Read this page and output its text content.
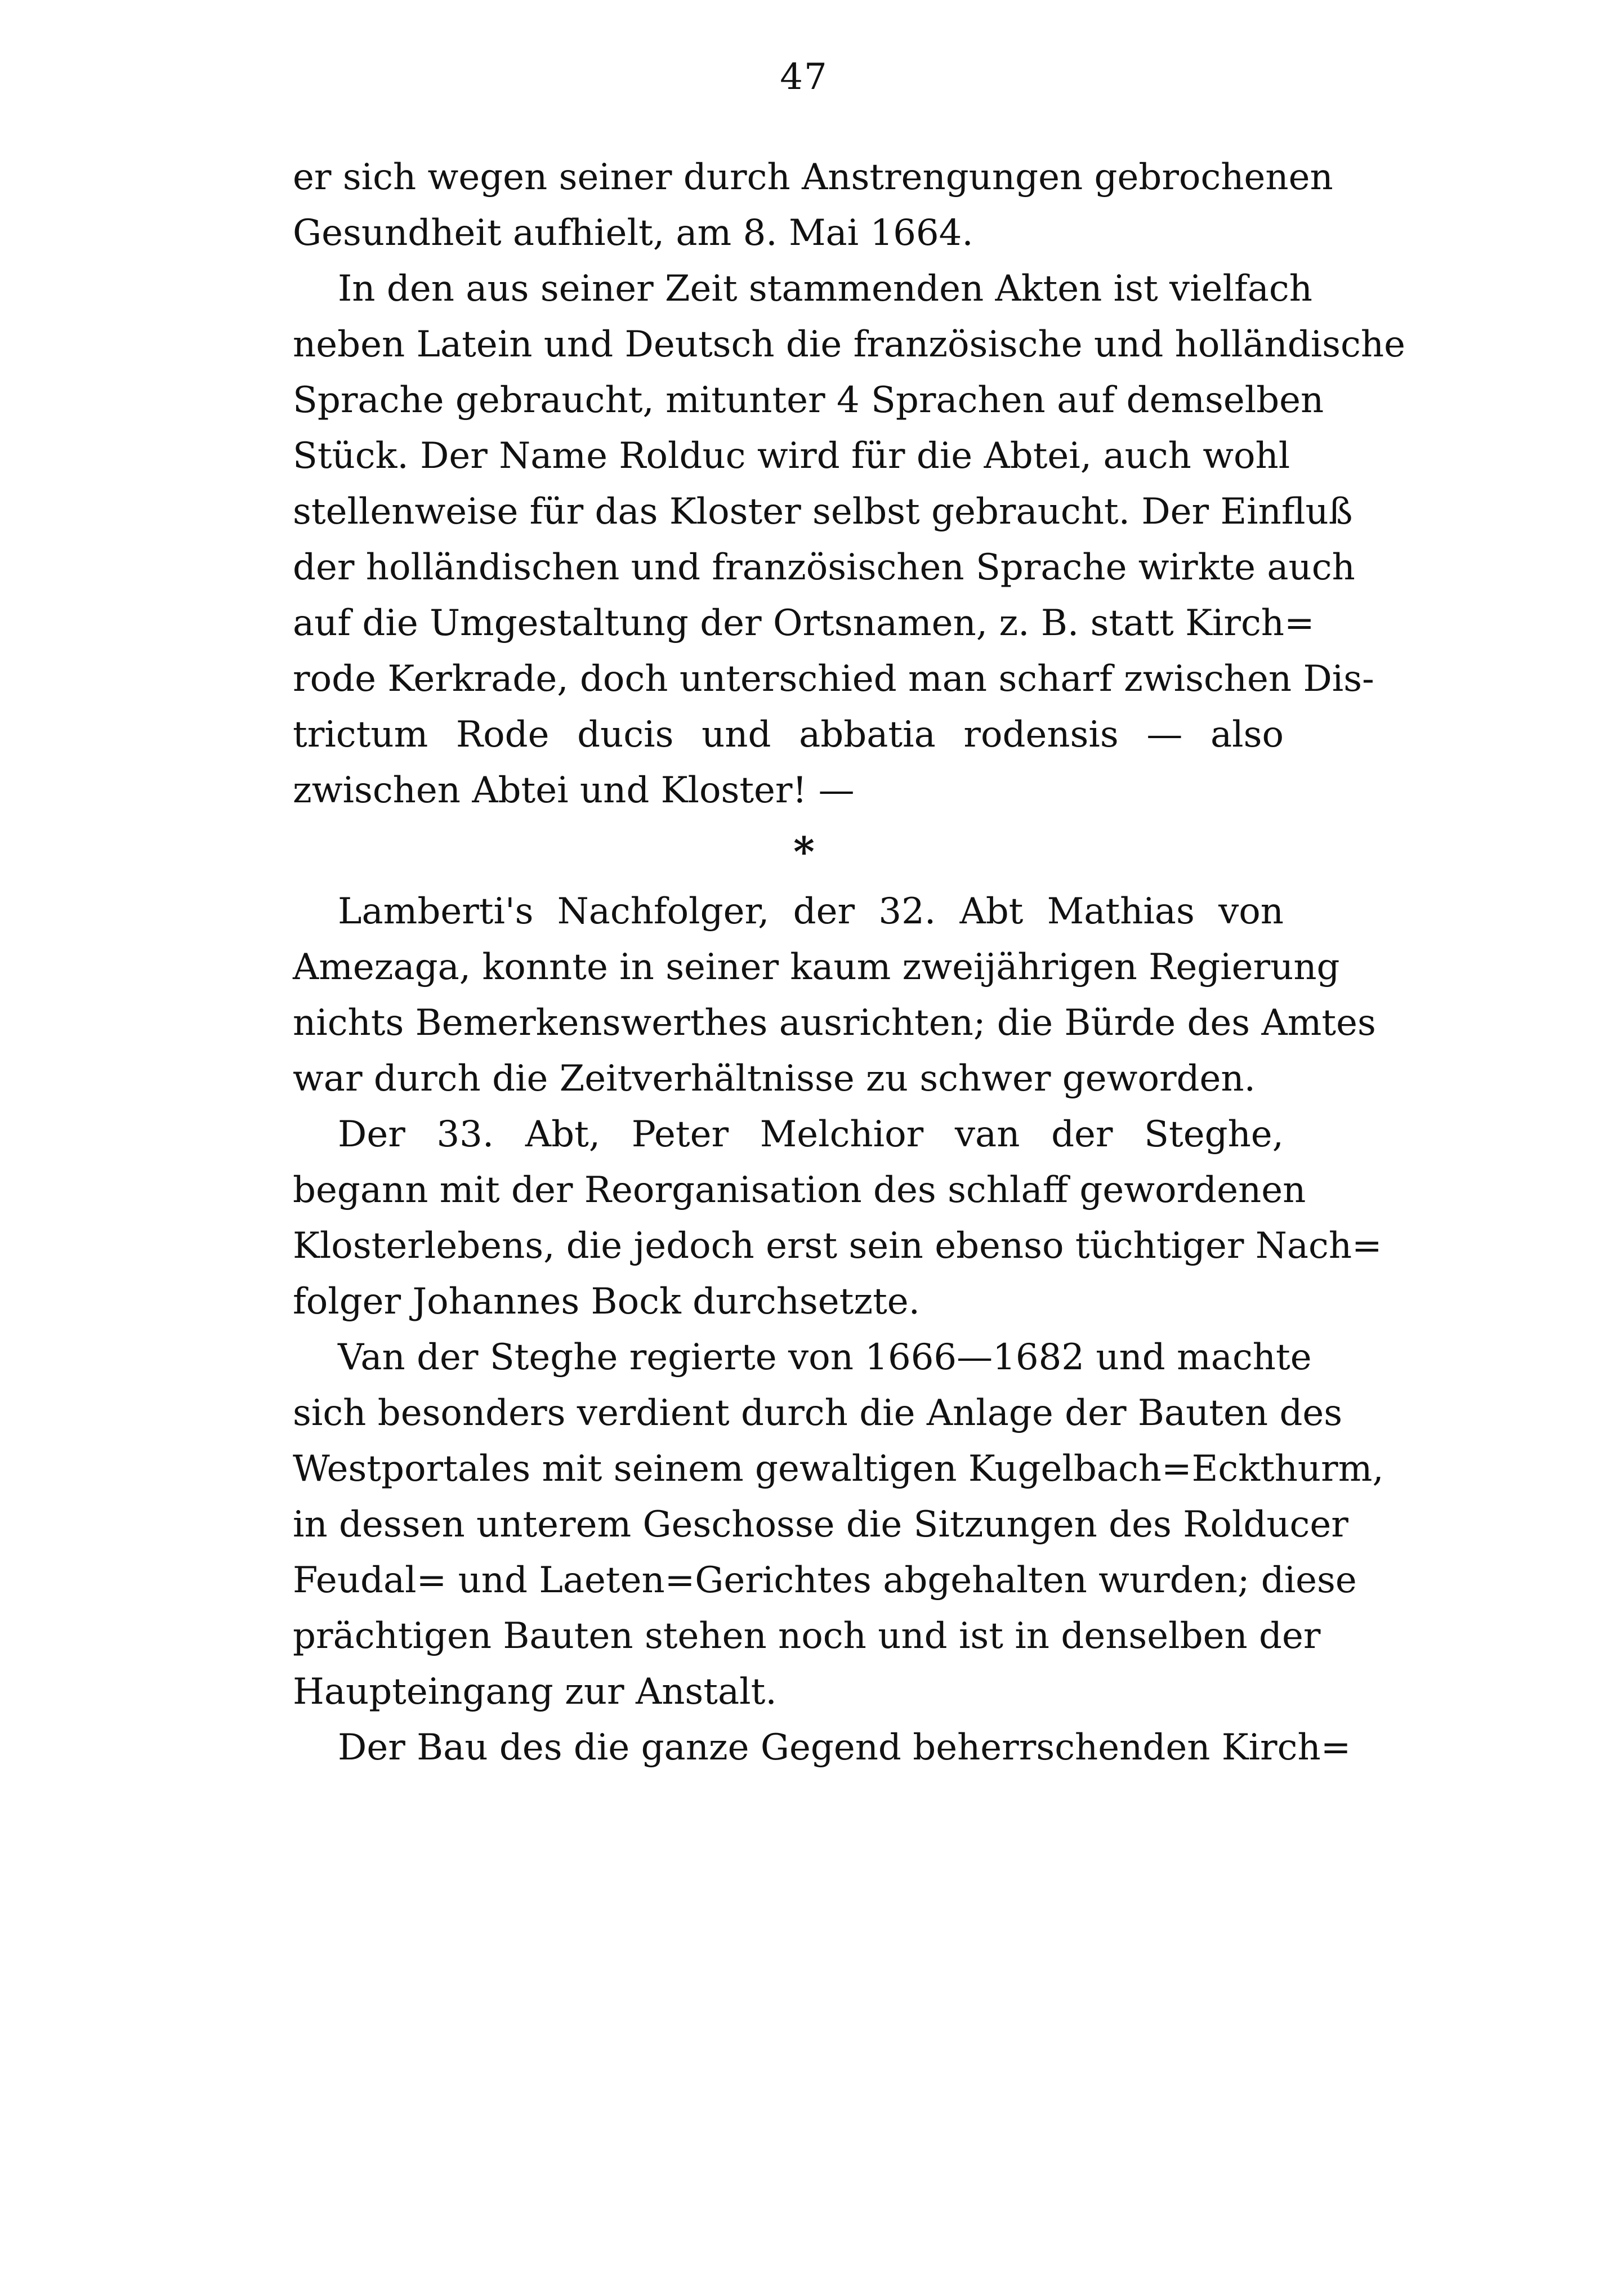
47
er sich wegen seiner durch Anstrengungen gebrochenen
Gesundheit aufhielt, am 8. Mai 1664.
In den aus seiner Zeit stammenden Akten ist vielfach
neben Latein und Deutsch die französische und holländische
Sprache gebraucht, mitunter 4 Sprachen auf demselben
Stück. Der Name Rolduc wird für die Abtei, auch wohl
stellenweise für das Kloster selbst gebraucht. Der Einfluß
der holländischen und französischen Sprache wirkte auch
auf die Umgestaltung der Ortsnamen, z. B. statt Kirch=
rode Kerkrade, doch unterschied man scharf zwischen Dis-
trictum Rode ducis und abbatia rodensis — also
zwischen Abtei und Kloster! —
*
Lamberti's Nachfolger, der 32. Abt Mathias von
Amezaga, konnte in seiner kaum zweijährigen Regierung
nichts Bemerkenswerthes ausrichten; die Bürde des Amtes
war durch die Zeitverhältnisse zu schwer geworden.
Der 33. Abt, Peter Melchior van der Steghe,
begann mit der Reorganisation des schlaff gewordenen
Klosterlebens, die jedoch erst sein ebenso tüchtiger Nach=
folger Johannes Bock durchsetzte.
Van der Steghe regierte von 1666—1682 und machte
sich besonders verdient durch die Anlage der Bauten des
Westportales mit seinem gewaltigen Kugelbach=Eckthurm,
in dessen unterem Geschosse die Sitzungen des Rolducer
Feudal= und Laeten=Gerichtes abgehalten wurden; diese
prächtigen Bauten stehen noch und ist in denselben der
Haupteingang zur Anstalt.
Der Bau des die ganze Gegend beherrschenden Kirch=
